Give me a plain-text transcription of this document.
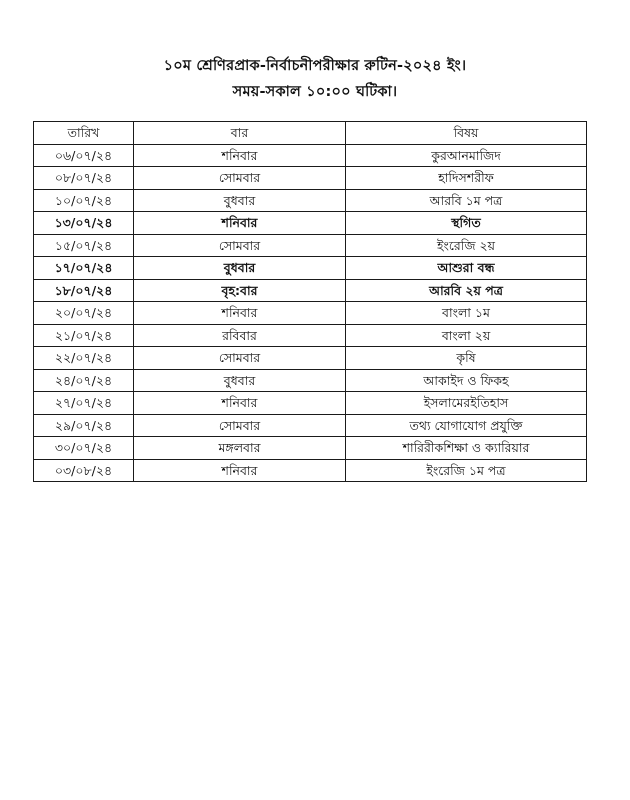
১০ম শ্রেণিরপ্রাক-নির্বাচনীপরীক্ষার রুটিন-২০২৪ ইং।
সময়-সকাল ১০:০০ ঘটিকা।
তারিখ	বার	বিষয়
০৬/০৭/২৪	শনিবার	কুরআনমাজিদ
০৮/০৭/২৪	সোমবার	হাদিসশরীফ
১০/০৭/২৪	বুধবার	আরবি ১ম পত্র
১৩/০৭/২৪	শনিবার	স্থগিত
১৫/০৭/২৪	সোমবার	ইংরেজি ২য়
১৭/০৭/২৪	বুধবার	আশুরা বন্ধ
১৮/০৭/২৪	বৃহ:বার	আরবি ২য় পত্র
২০/০৭/২৪	শনিবার	বাংলা ১ম
২১/০৭/২৪	রবিবার	বাংলা ২য়
২২/০৭/২৪	সোমবার	কৃষি
২৪/০৭/২৪	বুধবার	আকাইদ ও ফিকহ
২৭/০৭/২৪	শনিবার	ইসলামেরইতিহাস
২৯/০৭/২৪	সোমবার	তথ্য যোগাযোগ প্রযুক্তি
৩০/০৭/২৪	মঙ্গলবার	শারিরীকশিক্ষা ও ক্যারিয়ার
০৩/০৮/২৪	শনিবার	ইংরেজি ১ম পত্র
